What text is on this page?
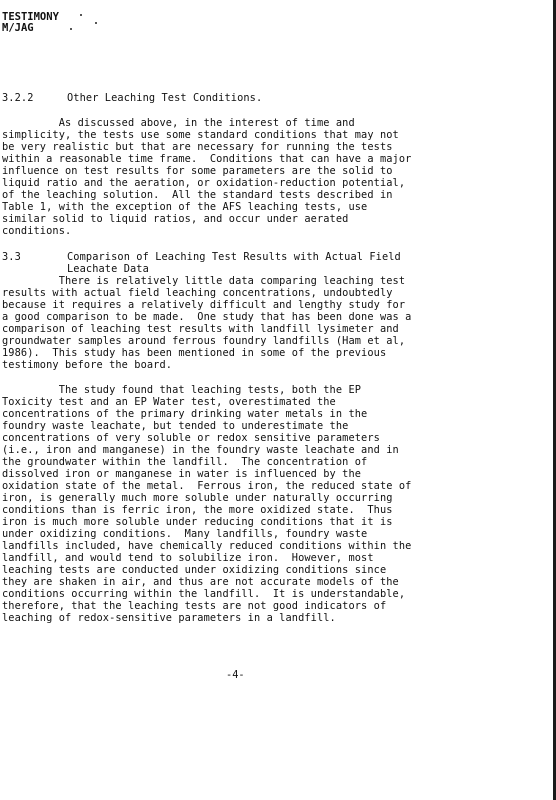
TESTIMONY
M/JAG
3.2.2	Other Leaching Test Conditions.
As discussed above, in the interest of time and
simplicity, the tests use some standard conditions that may not
be very realistic but that are necessary for running the tests
within a reasonable time frame.  Conditions that can have a major
influence on test results for some parameters are the solid to
liquid ratio and the aeration, or oxidation-reduction potential,
of the leaching solution.  All the standard tests described in
Table 1, with the exception of the AFS leaching tests, use
similar solid to liquid ratios, and occur under aerated
conditions.
3.3	Comparison of Leaching Test Results with Actual Field
Leachate Data
There is relatively little data comparing leaching test
results with actual field leaching concentrations, undoubtedly
because it requires a relatively difficult and lengthy study for
a good comparison to be made.  One study that has been done was a
comparison of leaching test results with landfill lysimeter and
groundwater samples around ferrous foundry landfills (Ham et al,
1986).  This study has been mentioned in some of the previous
testimony before the board.
The study found that leaching tests, both the EP
Toxicity test and an EP Water test, overestimated the
concentrations of the primary drinking water metals in the
foundry waste leachate, but tended to underestimate the
concentrations of very soluble or redox sensitive parameters
(i.e., iron and manganese) in the foundry waste leachate and in
the groundwater within the landfill.  The concentration of
dissolved iron or manganese in water is influenced by the
oxidation state of the metal.  Ferrous iron, the reduced state of
iron, is generally much more soluble under naturally occurring
conditions than is ferric iron, the more oxidized state.  Thus
iron is much more soluble under reducing conditions that it is
under oxidizing conditions.  Many landfills, foundry waste
landfills included, have chemically reduced conditions within the
landfill, and would tend to solubilize iron.  However, most
leaching tests are conducted under oxidizing conditions since
they are shaken in air, and thus are not accurate models of the
conditions occurring within the landfill.  It is understandable,
therefore, that the leaching tests are not good indicators of
leaching of redox-sensitive parameters in a landfill.
-4-
